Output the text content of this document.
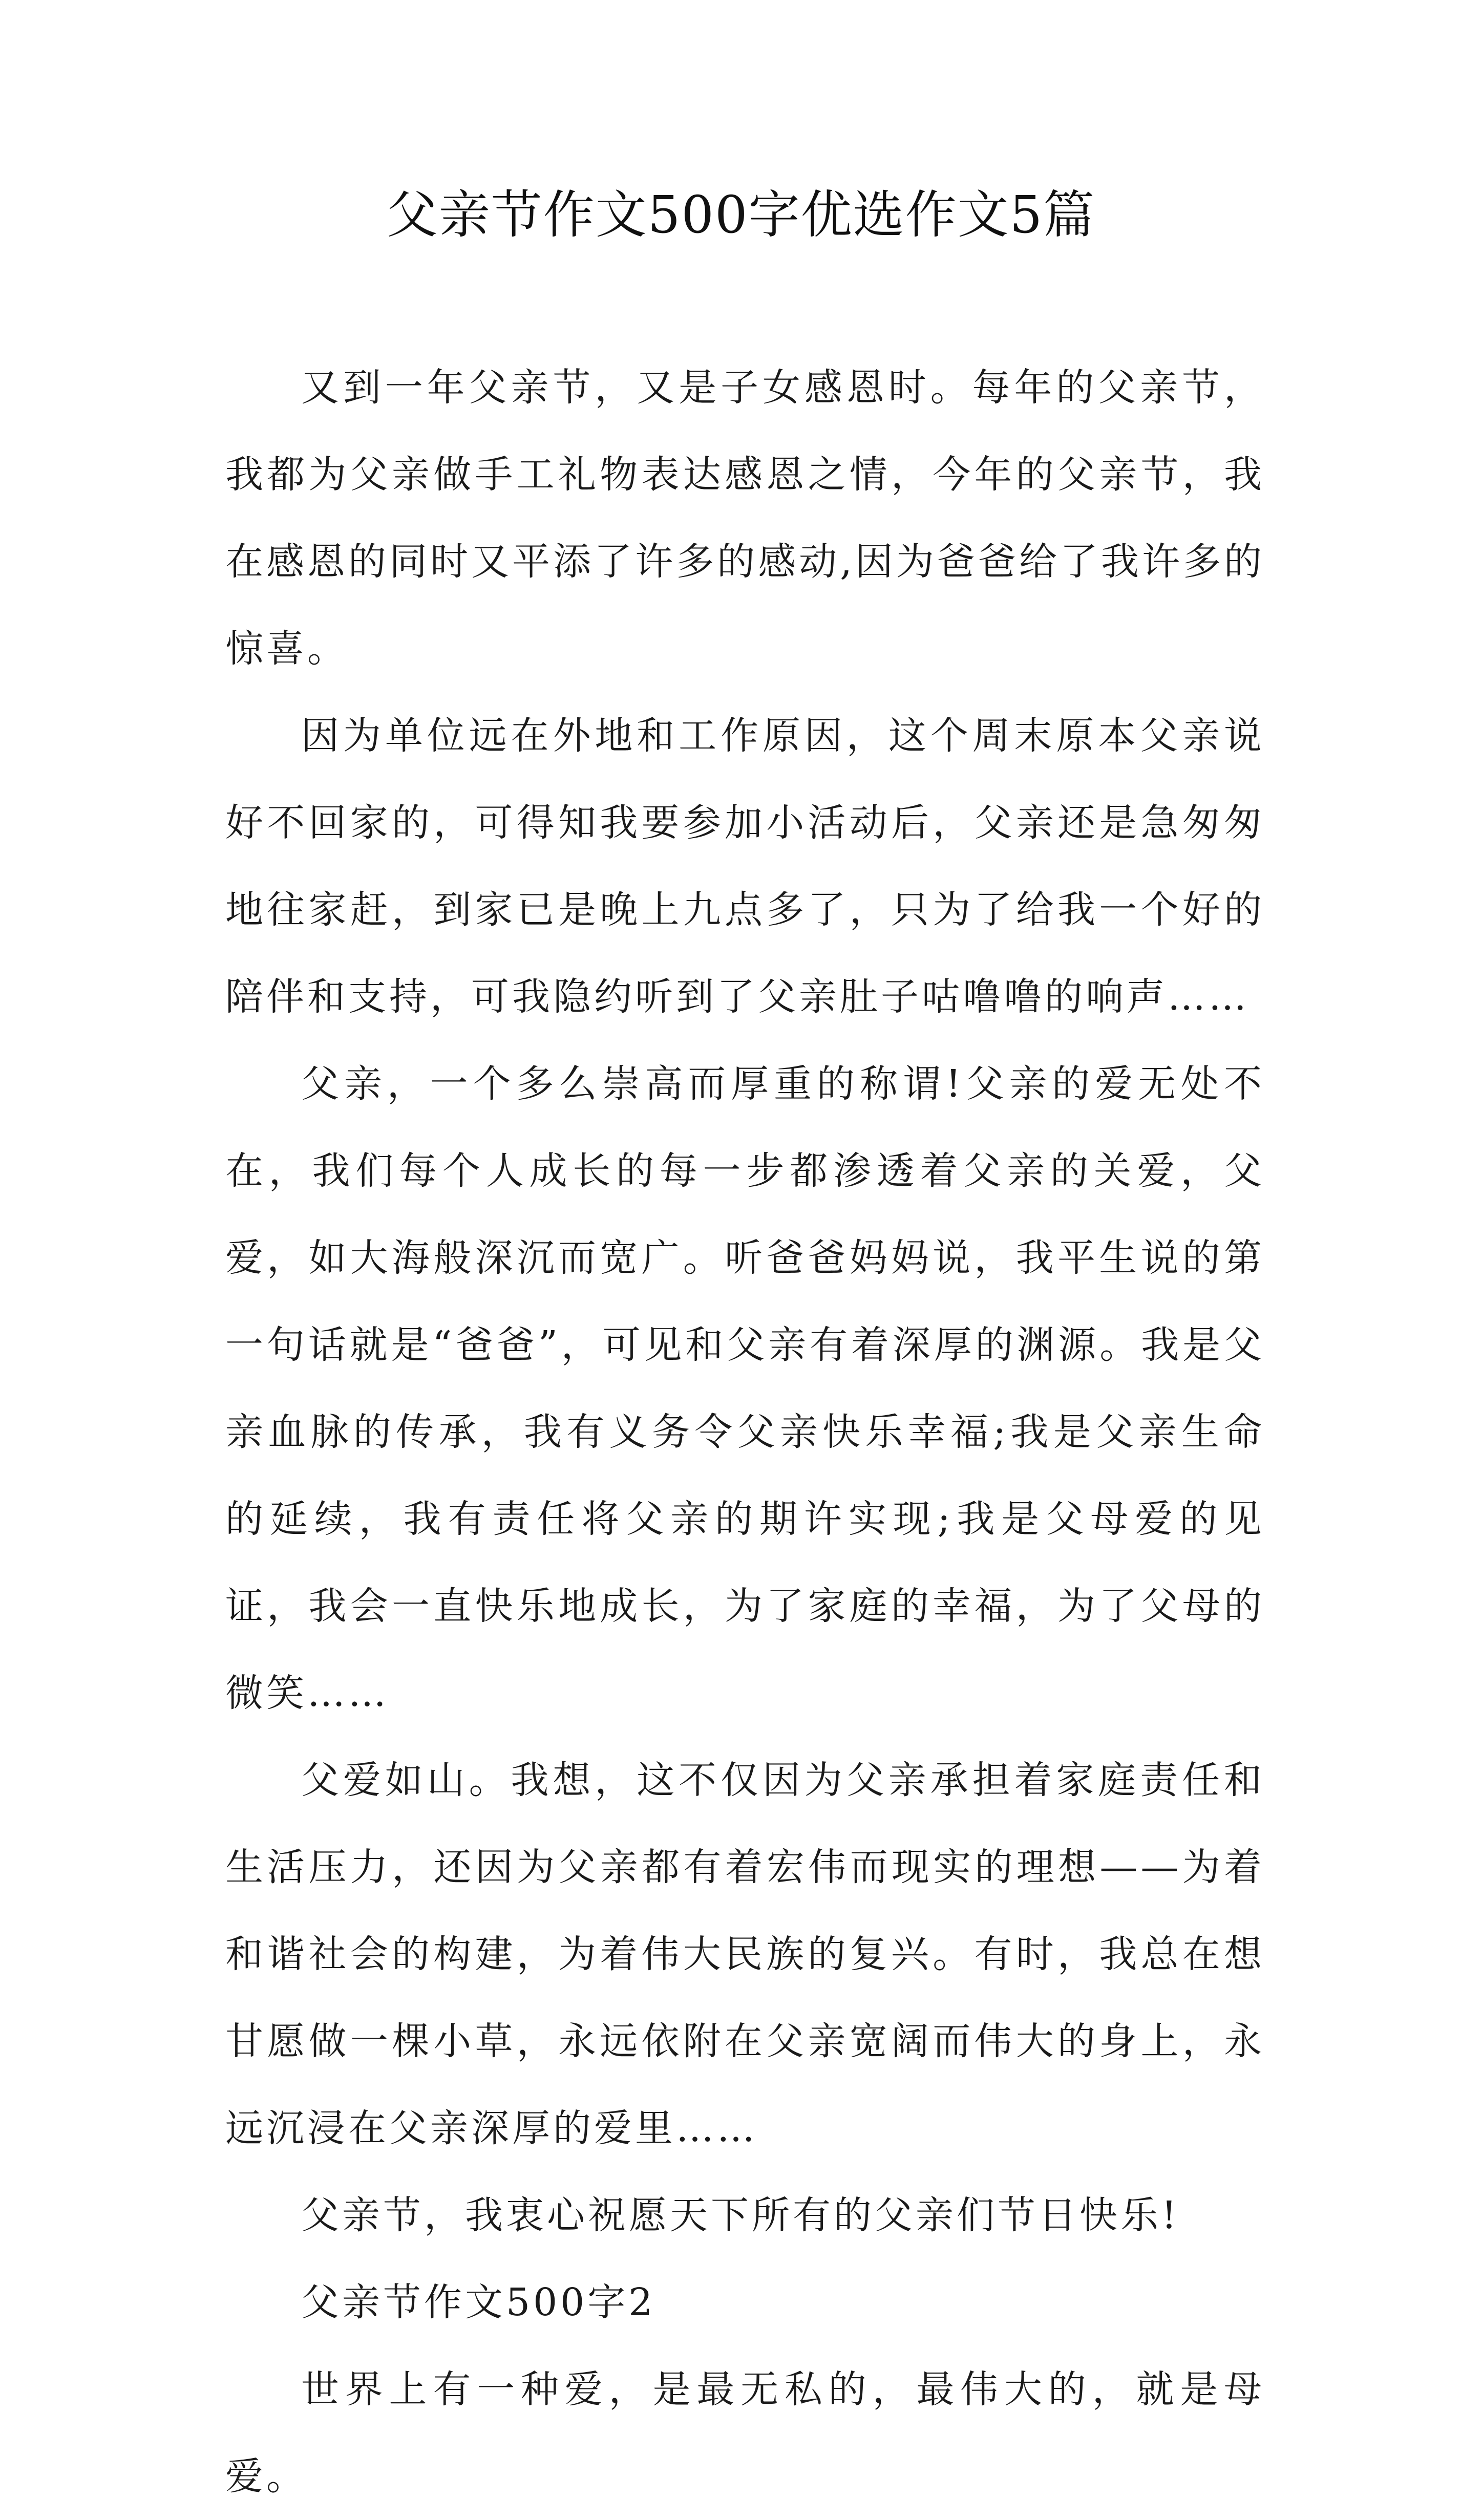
父亲节作文500字优选作文5篇

又到一年父亲节，又是子女感恩时。每年的父亲节，我都为父亲做手工礼物表达感恩之情，今年的父亲节，我在感恩的同时又平添了许多的感动,因为爸爸给了我许多的惊喜。

因为单位远在外地和工作原因，这个周末原本父亲说好不回家的，可得知我要参加小活动后，父亲还是急匆匆地往家赶，到家已是晚上九点多了，只为了给我一个好的陪伴和支持，可我隐约听到了父亲肚子咕噜噜的响声……

父亲，一个多么崇高而厚重的称谓!父亲的爱无处不在，我们每个人成长的每一步都渗透着父亲的关爱，父爱，如大海般深沉而宽广。听爸爸妈妈说，我平生说的第一句话就是“爸爸”，可见和父亲有着深厚的渊源。我是父亲血脉的传承，我有义务令父亲快乐幸福;我是父亲生命的延续，我有责任将父亲的期许实现;我是父母爱的见证，我会一直快乐地成长，为了家庭的幸福，为了父母的微笑……

父爱如山。我想，这不仅因为父亲承担着家庭责任和生活压力，还因为父亲都有着宏伟而现实的理想——为着和谐社会的构建，为着伟大民族的复兴。有时，我总在想甘愿做一棵小草，永远依附在父亲宽阔而伟大的身上，永远沉浸在父亲深厚的爱里……

父亲节，我衷心祝愿天下所有的父亲们节日快乐!

父亲节作文500字2

世界上有一种爱，是最无私的，最伟大的，就是母爱。
